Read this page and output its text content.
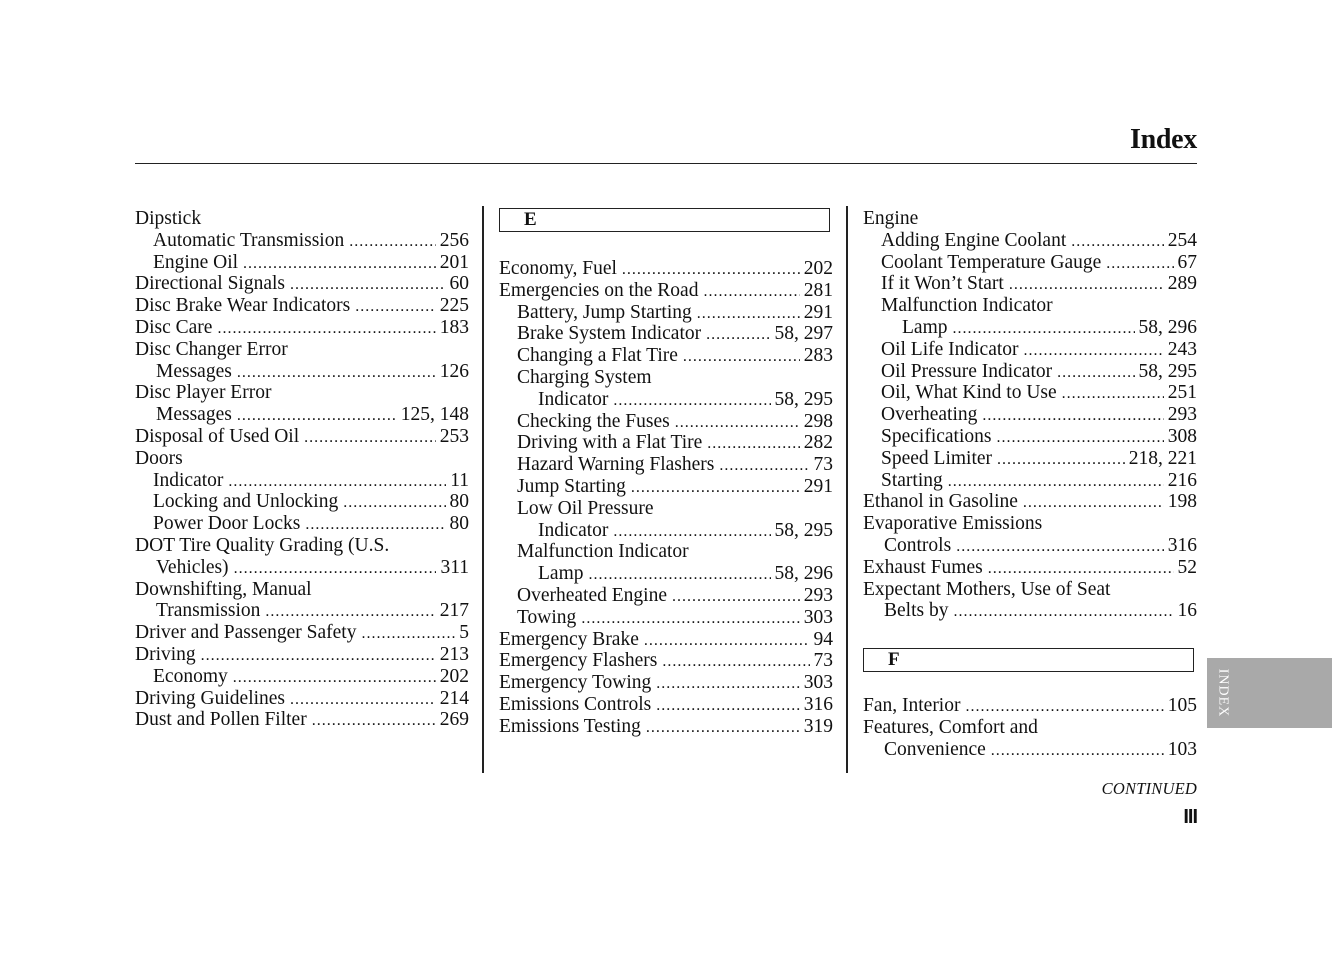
Index
Dipstick
Automatic Transmission .....	256
Engine Oil .....	201
Directional Signals .....	60
Disc Brake Wear Indicators .....	225
Disc Care .....	183
Disc Changer Error
Messages .....	126
Disc Player Error
Messages .....	125, 148
Disposal of Used Oil .....	253
Doors
Indicator .....	11
Locking and Unlocking .....	80
Power Door Locks .....	80
DOT Tire Quality Grading (U.S.
Vehicles) .....	311
Downshifting, Manual
Transmission .....	217
Driver and Passenger Safety .....	5
Driving .....	213
Economy .....	202
Driving Guidelines .....	214
Dust and Pollen Filter .....	269
E
Economy, Fuel .....	202
Emergencies on the Road .....	281
Battery, Jump Starting .....	291
Brake System Indicator .....	58, 297
Changing a Flat Tire .....	283
Charging System
Indicator .....	58, 295
Checking the Fuses .....	298
Driving with a Flat Tire .....	282
Hazard Warning Flashers .....	73
Jump Starting .....	291
Low Oil Pressure
Indicator .....	58, 295
Malfunction Indicator
Lamp .....	58, 296
Overheated Engine .....	293
Towing .....	303
Emergency Brake .....	94
Emergency Flashers .....	73
Emergency Towing .....	303
Emissions Controls .....	316
Emissions Testing .....	319
Engine
Adding Engine Coolant .....	254
Coolant Temperature Gauge .....	67
If it Won’t Start .....	289
Malfunction Indicator
Lamp .....	58, 296
Oil Life Indicator .....	243
Oil Pressure Indicator .....	58, 295
Oil, What Kind to Use .....	251
Overheating .....	293
Specifications .....	308
Speed Limiter .....	218, 221
Starting .....	216
Ethanol in Gasoline .....	198
Evaporative Emissions
Controls .....	316
Exhaust Fumes .....	52
Expectant Mothers, Use of Seat
Belts by .....	16
F
Fan, Interior .....	105
Features, Comfort and
Convenience .....	103
CONTINUED
III
INDEX
